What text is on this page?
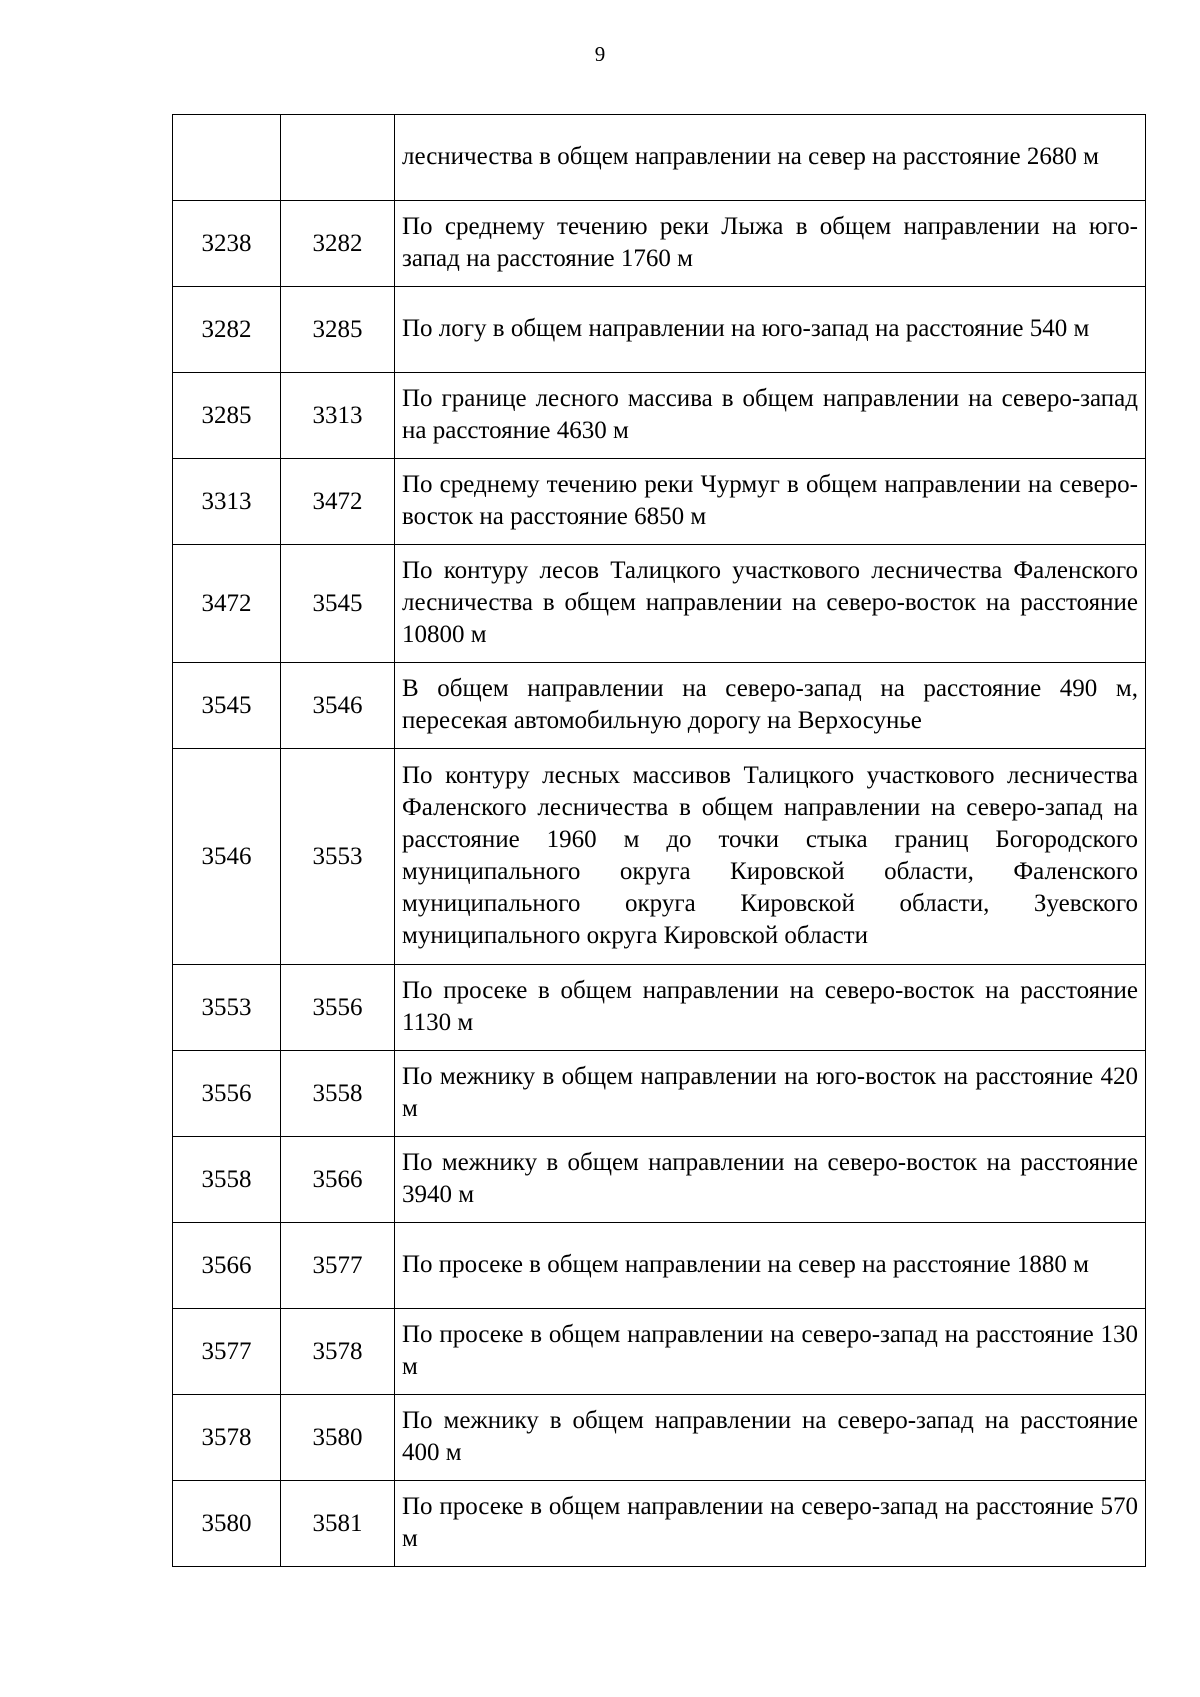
9
		лесничества в общем направлении на север на расстояние 2680 м
3238	3282	По среднему течению реки Лыжа в общем направлении на юго-запад на расстояние 1760 м
3282	3285	По логу в общем направлении на юго-запад на расстояние 540 м
3285	3313	По границе лесного массива в общем направлении на северо-запад на расстояние 4630 м
3313	3472	По среднему течению реки Чурмуг в общем направлении на северо-восток на расстояние 6850 м
3472	3545	По контуру лесов Талицкого участкового лесничества Фаленского лесничества в общем направлении на северо-восток на расстояние 10800 м
3545	3546	В общем направлении на северо-запад на расстояние 490 м, пересекая автомобильную дорогу на Верхосунье
3546	3553	По контуру лесных массивов Талицкого участкового лесничества Фаленского лесничества в общем направлении на северо-запад на расстояние 1960 м до точки стыка границ Богородского муниципального округа Кировской области, Фаленского муниципального округа Кировской области, Зуевского муниципального округа Кировской области
3553	3556	По просеке в общем направлении на северо-восток на расстояние 1130 м
3556	3558	По межнику в общем направлении на юго-восток на расстояние 420 м
3558	3566	По межнику в общем направлении на северо-восток на расстояние 3940 м
3566	3577	По просеке в общем направлении на север на расстояние 1880 м
3577	3578	По просеке в общем направлении на северо-запад на расстояние 130 м
3578	3580	По межнику в общем направлении на северо-запад на расстояние 400 м
3580	3581	По просеке в общем направлении на северо-запад на расстояние 570 м
